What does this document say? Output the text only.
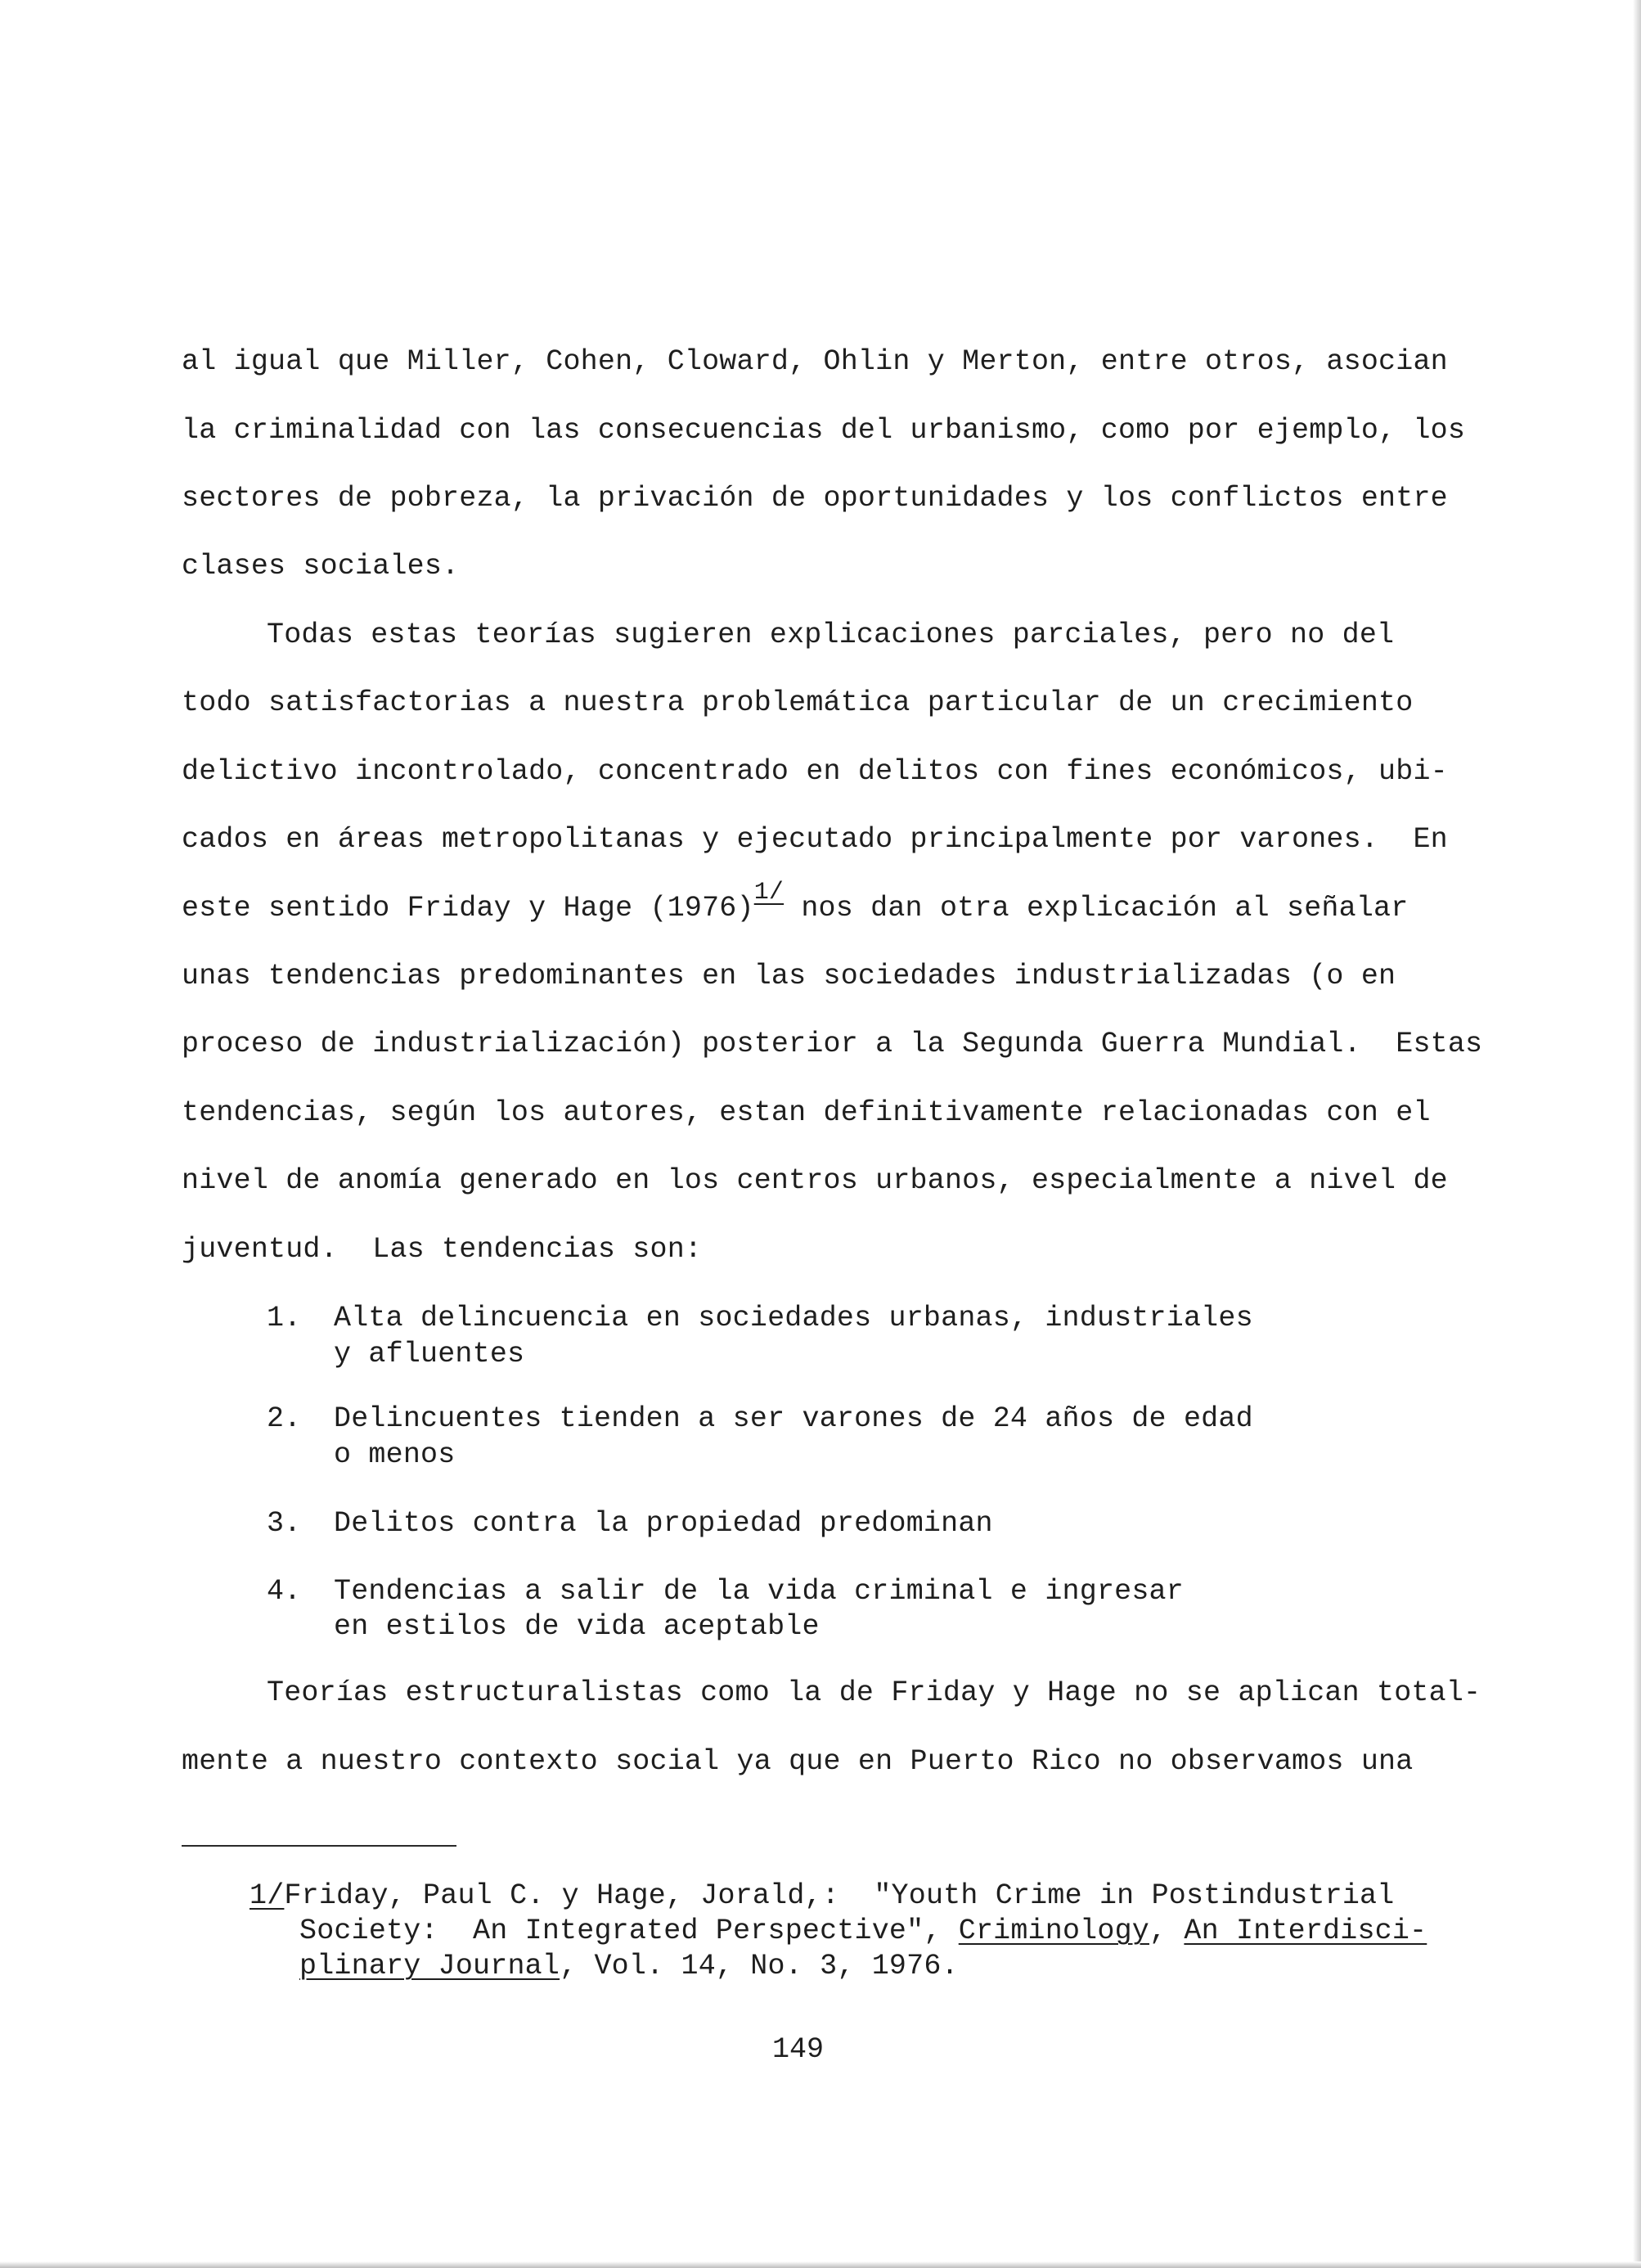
al igual que Miller, Cohen, Cloward, Ohlin y Merton, entre otros, asocian
la criminalidad con las consecuencias del urbanismo, como por ejemplo, los
sectores de pobreza, la privación de oportunidades y los conflictos entre
clases sociales.
Todas estas teorías sugieren explicaciones parciales, pero no del
todo satisfactorias a nuestra problemática particular de un crecimiento
delictivo incontrolado, concentrado en delitos con fines económicos, ubi-
cados en áreas metropolitanas y ejecutado principalmente por varones.  En
este sentido Friday y Hage (1976)$^{1/}$ nos dan otra explicación al señalar
unas tendencias predominantes en las sociedades industrializadas (o en
proceso de industrialización) posterior a la Segunda Guerra Mundial.  Estas
tendencias, según los autores, estan definitivamente relacionadas con el
nivel de anomía generado en los centros urbanos, especialmente a nivel de
juventud.  Las tendencias son:
1. Alta delincuencia en sociedades urbanas, industriales
y afluentes
2. Delincuentes tienden a ser varones de 24 años de edad
o menos
3. Delitos contra la propiedad predominan
4. Tendencias a salir de la vida criminal e ingresar
en estilos de vida aceptable
Teorías estructuralistas como la de Friday y Hage no se aplican total-
mente a nuestro contexto social ya que en Puerto Rico no observamos una
1/Friday, Paul C. y Hage, Jorald,:  "Youth Crime in Postindustrial
Society:  An Integrated Perspective", Criminology, An Interdisci-
plinary Journal, Vol. 14, No. 3, 1976.
149
